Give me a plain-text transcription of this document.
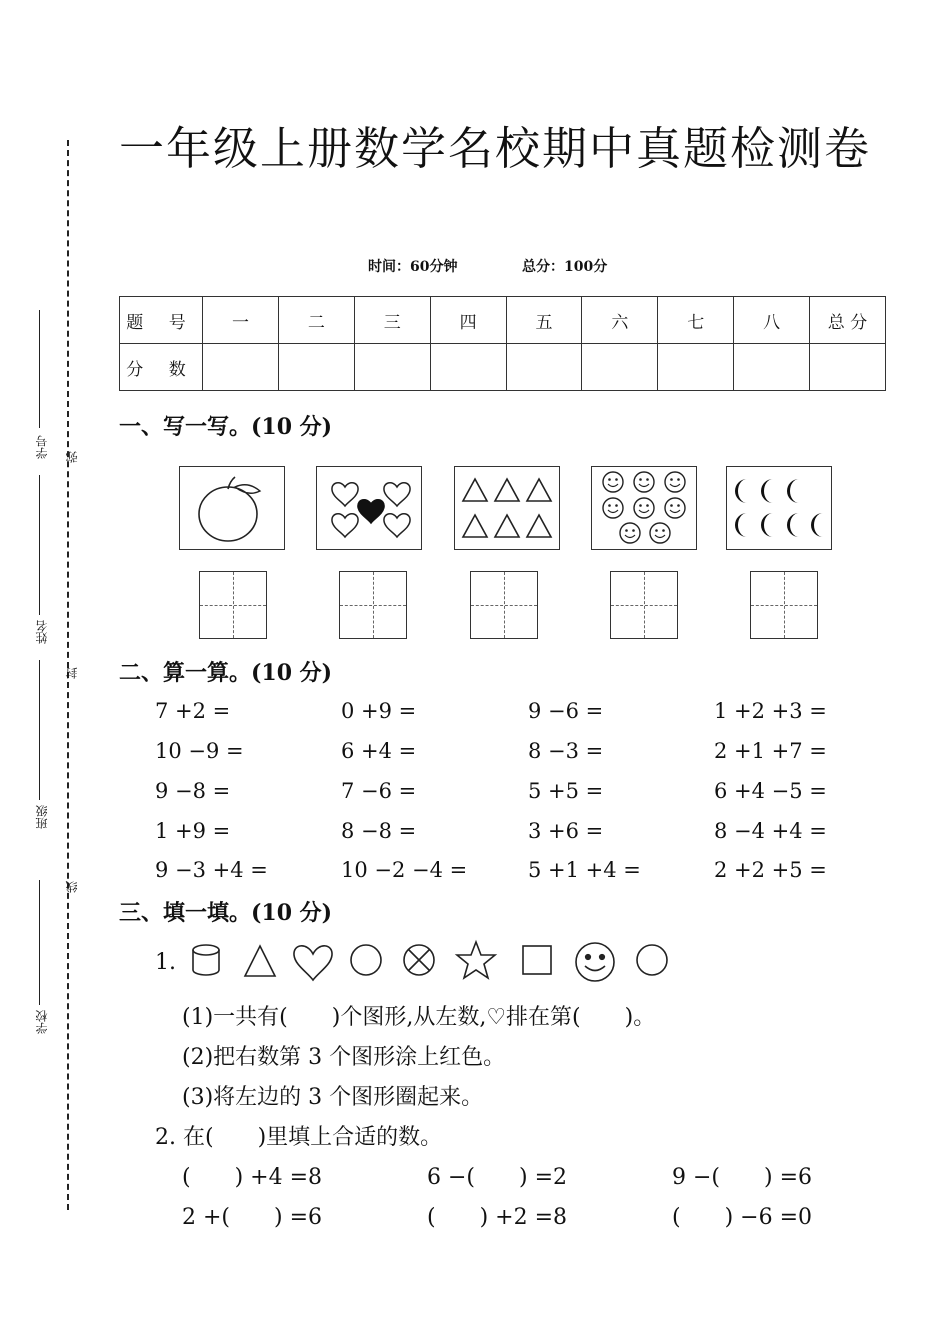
一年级上册数学名校期中真题检测卷
时间：60分钟	总分：100分
题 号	一	二	三	四	五	六	七	八	总 分
分 数									
弥
封
线
学号
姓名
班级
学校
一、写一写。(10 分)
二、算一算。(10 分)
7 +2 =	0 +9 =	9 −6 =	1 +2 +3 =
10 −9 =	6 +4 =	8 −3 =	2 +1 +7 =
9 −8 =	7 −6 =	5 +5 =	6 +4 −5 =
1 +9 =	8 −8 =	3 +6 =	8 −4 +4 =
9 −3 +4 =	10 −2 −4 =	5 +1 +4 =	2 +2 +5 =
三、填一填。(10 分)
1.
(1)一共有(　　)个图形,从左数,♡排在第(　　)。
(2)把右数第 3 个图形涂上红色。
(3)将左边的 3 个图形圈起来。
2. 在(　　)里填上合适的数。
(　　) +4 =8	6 −(　　) =2	9 −(　　) =6
2 +(　　) =6	(　　) +2 =8	(　　) −6 =0
